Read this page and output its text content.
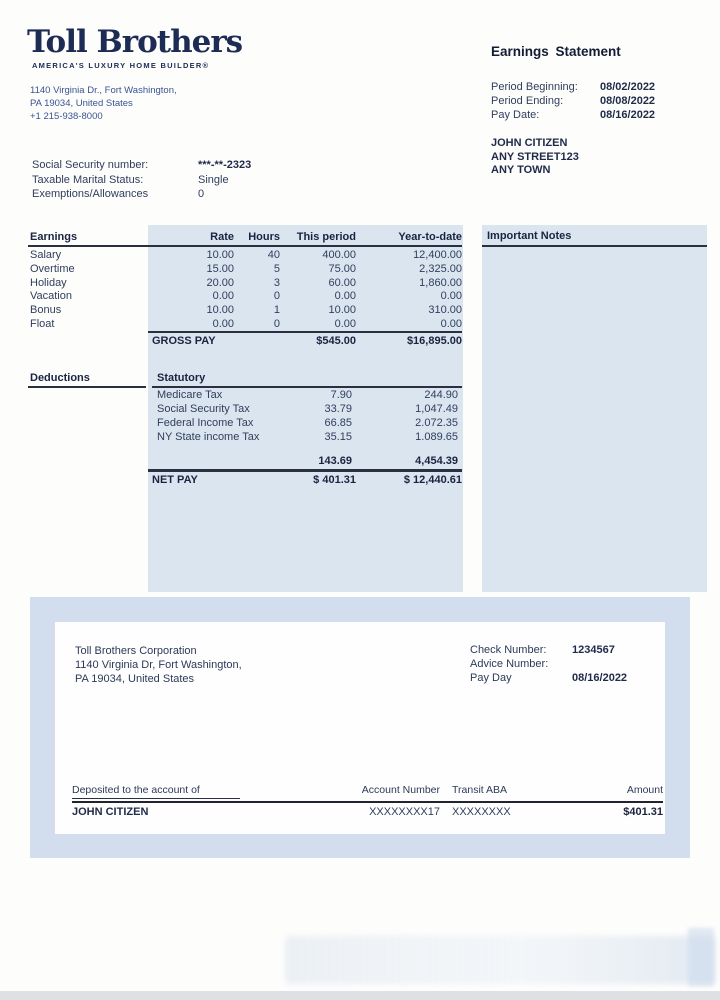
Toll Brothers
AMERICA'S LUXURY HOME BUILDER®
1140 Virginia Dr., Fort Washington,
PA 19034, United States
+1 215-938-8000
Earnings Statement
Period Beginning:	08/02/2022
Period Ending:	08/08/2022
Pay Date:	08/16/2022
JOHN CITIZEN
ANY STREET123
ANY TOWN
Social Security number:	***-**-2323
Taxable Marital Status:	Single
Exemptions/Allowances	0
Earnings	Rate	Hours	This period	Year-to-date
Salary	10.00	40	400.00	12,400.00
Overtime	15.00	5	75.00	2,325.00
Holiday	20.00	3	60.00	1,860.00
Vacation	0.00	0	0.00	0.00
Bonus	10.00	1	10.00	310.00
Float	0.00	0	0.00	0.00
GROSS PAY	$545.00	$16,895.00
Deductions	Statutory
Medicare Tax	7.90	244.90
Social Security Tax	33.79	1,047.49
Federal Income Tax	66.85	2.072.35
NY State income Tax	35.15	1.089.65
143.69	4,454.39
NET PAY	$ 401.31	$ 12,440.61
Important Notes
Toll Brothers Corporation
1140 Virginia Dr, Fort Washington,
PA 19034, United States
Check Number:	1234567
Advice Number:
Pay Day	08/16/2022
Deposited to the account of	Account Number	Transit ABA	Amount
JOHN CITIZEN	XXXXXXXX17	XXXXXXXX	$401.31
